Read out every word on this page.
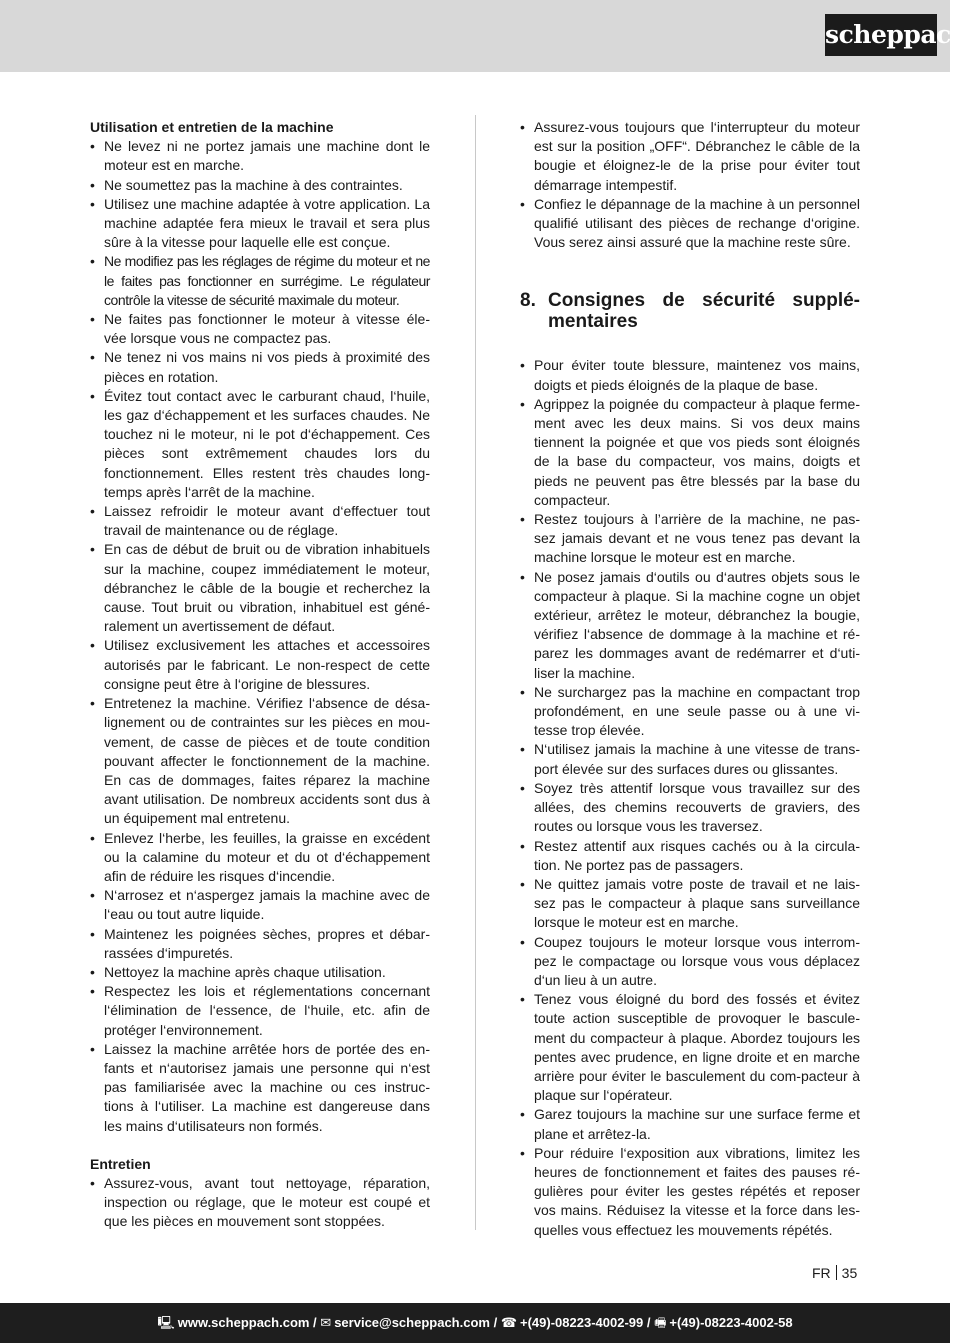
scheppach
Utilisation et entretien de la machine
• Ne levez ni ne portez jamais une machine dont le moteur est en marche.
• Ne soumettez pas la machine à des contraintes.
• Utilisez une machine adaptée à votre application. La machine adaptée fera mieux le travail et sera plus sûre à la vitesse pour laquelle elle est conçue.
• Ne modifiez pas les réglages de régime du moteur et ne le faites pas fonctionner en surrégime. Le régulateur contrôle la vitesse de sécurité maximale du moteur.
• Ne faites pas fonctionner le moteur à vitesse éle-vée lorsque vous ne compactez pas.
• Ne tenez ni vos mains ni vos pieds à proximité des pièces en rotation.
• Évitez tout contact avec le carburant chaud, l‘huile, les gaz d‘échappement et les surfaces chaudes. Ne touchez ni le moteur, ni le pot d‘échappement. Ces pièces sont extrêmement chaudes lors du fonctionnement. Elles restent très chaudes long-temps après l‘arrêt de la machine.
• Laissez refroidir le moteur avant d‘effectuer tout travail de maintenance ou de réglage.
• En cas de début de bruit ou de vibration inhabituels sur la machine, coupez immédiatement le moteur, débranchez le câble de la bougie et recherchez la cause. Tout bruit ou vibration, inhabituel est géné-ralement un avertissement de défaut.
• Utilisez exclusivement les attaches et accessoires autorisés par le fabricant. Le non-respect de cette consigne peut être à l‘origine de blessures.
• Entretenez la machine. Vérifiez l‘absence de désa-lignement ou de contraintes sur les pièces en mou-vement, de casse de pièces et de toute condition pouvant affecter le fonctionnement de la machine. En cas de dommages, faites réparez la machine avant utilisation. De nombreux accidents sont dus à un équipement mal entretenu.
• Enlevez l‘herbe, les feuilles, la graisse en excédent ou la calamine du moteur et du ot d‘échappement afin de réduire les risques d‘incendie.
• N‘arrosez et n‘aspergez jamais la machine avec de l‘eau ou tout autre liquide.
• Maintenez les poignées sèches, propres et débar-rassées d‘impuretés.
• Nettoyez la machine après chaque utilisation.
• Respectez les lois et réglementations concernant l‘élimination de l‘essence, de l‘huile, etc. afin de protéger l‘environnement.
• Laissez la machine arrêtée hors de portée des en-fants et n‘autorisez jamais une personne qui n‘est pas familiarisée avec la machine ou ces instruc-tions à l‘utiliser. La machine est dangereuse dans les mains d‘utilisateurs non formés.
Entretien
• Assurez-vous, avant tout nettoyage, réparation, inspection ou réglage, que le moteur est coupé et que les pièces en mouvement sont stoppées.
• Assurez-vous toujours que l‘interrupteur du moteur est sur la position „OFF“. Débranchez le câble de la bougie et éloignez-le de la prise pour éviter tout démarrage intempestif.
• Confiez le dépannage de la machine à un personnel qualifié utilisant des pièces de rechange d‘origine. Vous serez ainsi assuré que la machine reste sûre.
8. Consignes de sécurité supplé-mentaires
• Pour éviter toute blessure, maintenez vos mains, doigts et pieds éloignés de la plaque de base.
• Agrippez la poignée du compacteur à plaque ferme-ment avec les deux mains. Si vos deux mains tiennent la poignée et que vos pieds sont éloignés de la base du compacteur, vos mains, doigts et pieds ne peuvent pas être blessés par la base du compacteur.
• Restez toujours à l’arrière de la machine, ne pas-sez jamais devant et ne vous tenez pas devant la machine lorsque le moteur est en marche.
• Ne posez jamais d‘outils ou d‘autres objets sous le compacteur à plaque. Si la machine cogne un objet extérieur, arrêtez le moteur, débranchez la bougie, vérifiez l‘absence de dommage à la machine et ré-parez les dommages avant de redémarrer et d‘uti-liser la machine.
• Ne surchargez pas la machine en compactant trop profondément, en une seule passe ou à une vi-tesse trop élevée.
• N‘utilisez jamais la machine à une vitesse de trans-port élevée sur des surfaces dures ou glissantes.
• Soyez très attentif lorsque vous travaillez sur des allées, des chemins recouverts de graviers, des routes ou lorsque vous les traversez.
• Restez attentif aux risques cachés ou à la circula-tion. Ne portez pas de passagers.
• Ne quittez jamais votre poste de travail et ne lais-sez pas le compacteur à plaque sans surveillance lorsque le moteur est en marche.
• Coupez toujours le moteur lorsque vous interrom-pez le compactage ou lorsque vous vous déplacez d‘un lieu à un autre.
• Tenez vous éloigné du bord des fossés et évitez toute action susceptible de provoquer le bascule-ment du compacteur à plaque. Abordez toujours les pentes avec prudence, en ligne droite et en marche arrière pour éviter le basculement du com-pacteur à plaque sur l‘opérateur.
• Garez toujours la machine sur une surface ferme et plane et arrêtez-la.
• Pour réduire l‘exposition aux vibrations, limitez les heures de fonctionnement et faites des pauses ré-gulières pour éviter les gestes répétés et reposer vos mains. Réduisez la vitesse et la force dans les-quelles vous effectuez les mouvements répétés.
FR 35
🖳 www.scheppach.com / ✉ service@scheppach.com / ☎ +(49)-08223-4002-99 / 🖷 +(49)-08223-4002-58
